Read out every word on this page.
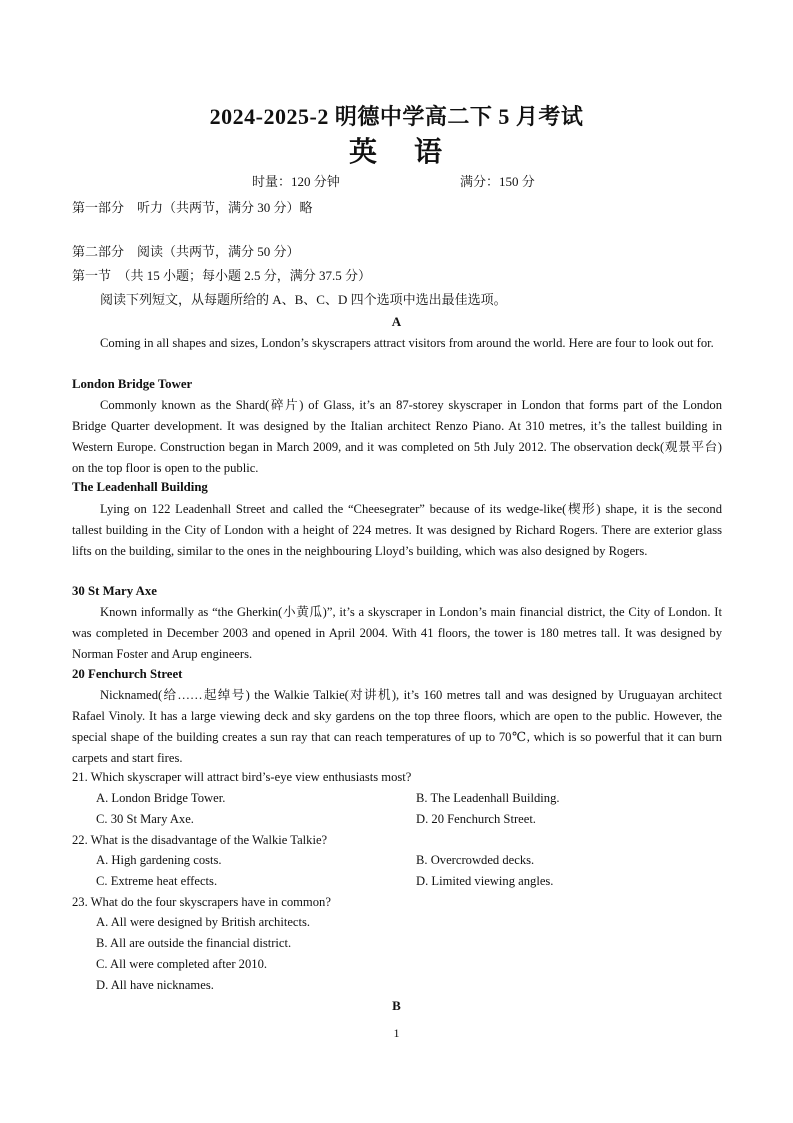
2024-2025-2 明德中学高二下 5 月考试
英 语
时量：120 分钟	满分：150 分
第一部分　听力（共两节，满分 30 分）略
第二部分　阅读（共两节，满分 50 分）
第一节　（共 15 小题；每小题 2.5 分，满分 37.5 分）
阅读下列短文，从每题所给的 A、B、C、D 四个选项中选出最佳选项。
A
Coming in all shapes and sizes, London’s skyscrapers attract visitors from around the world. Here are four to look out for.
London Bridge Tower
Commonly known as the Shard(碎片) of Glass, it’s an 87-storey skyscraper in London that forms part of the London Bridge Quarter development. It was designed by the Italian architect Renzo Piano. At 310 metres, it’s the tallest building in Western Europe. Construction began in March 2009, and it was completed on 5th July 2012. The observation deck(观景平台) on the top floor is open to the public.
The Leadenhall Building
Lying on 122 Leadenhall Street and called the “Cheesegrater” because of its wedge-like(楔形) shape, it is the second tallest building in the City of London with a height of 224 metres. It was designed by Richard Rogers. There are exterior glass lifts on the building, similar to the ones in the neighbouring Lloyd’s building, which was also designed by Rogers.
30 St Mary Axe
Known informally as “the Gherkin(小黄瓜)”, it’s a skyscraper in London’s main financial district, the City of London. It was completed in December 2003 and opened in April 2004. With 41 floors, the tower is 180 metres tall. It was designed by Norman Foster and Arup engineers.
20 Fenchurch Street
Nicknamed(给……起绰号) the Walkie Talkie(对讲机), it’s 160 metres tall and was designed by Uruguayan architect Rafael Vinoly. It has a large viewing deck and sky gardens on the top three floors, which are open to the public. However, the special shape of the building creates a sun ray that can reach temperatures of up to 70℃, which is so powerful that it can burn carpets and start fires.
21. Which skyscraper will attract bird’s-eye view enthusiasts most?
A. London Bridge Tower.	B. The Leadenhall Building.
C. 30 St Mary Axe.	D. 20 Fenchurch Street.
22. What is the disadvantage of the Walkie Talkie?
A. High gardening costs.	B. Overcrowded decks.
C. Extreme heat effects.	D. Limited viewing angles.
23. What do the four skyscrapers have in common?
A. All were designed by British architects.
B. All are outside the financial district.
C. All were completed after 2010.
D. All have nicknames.
B
1
